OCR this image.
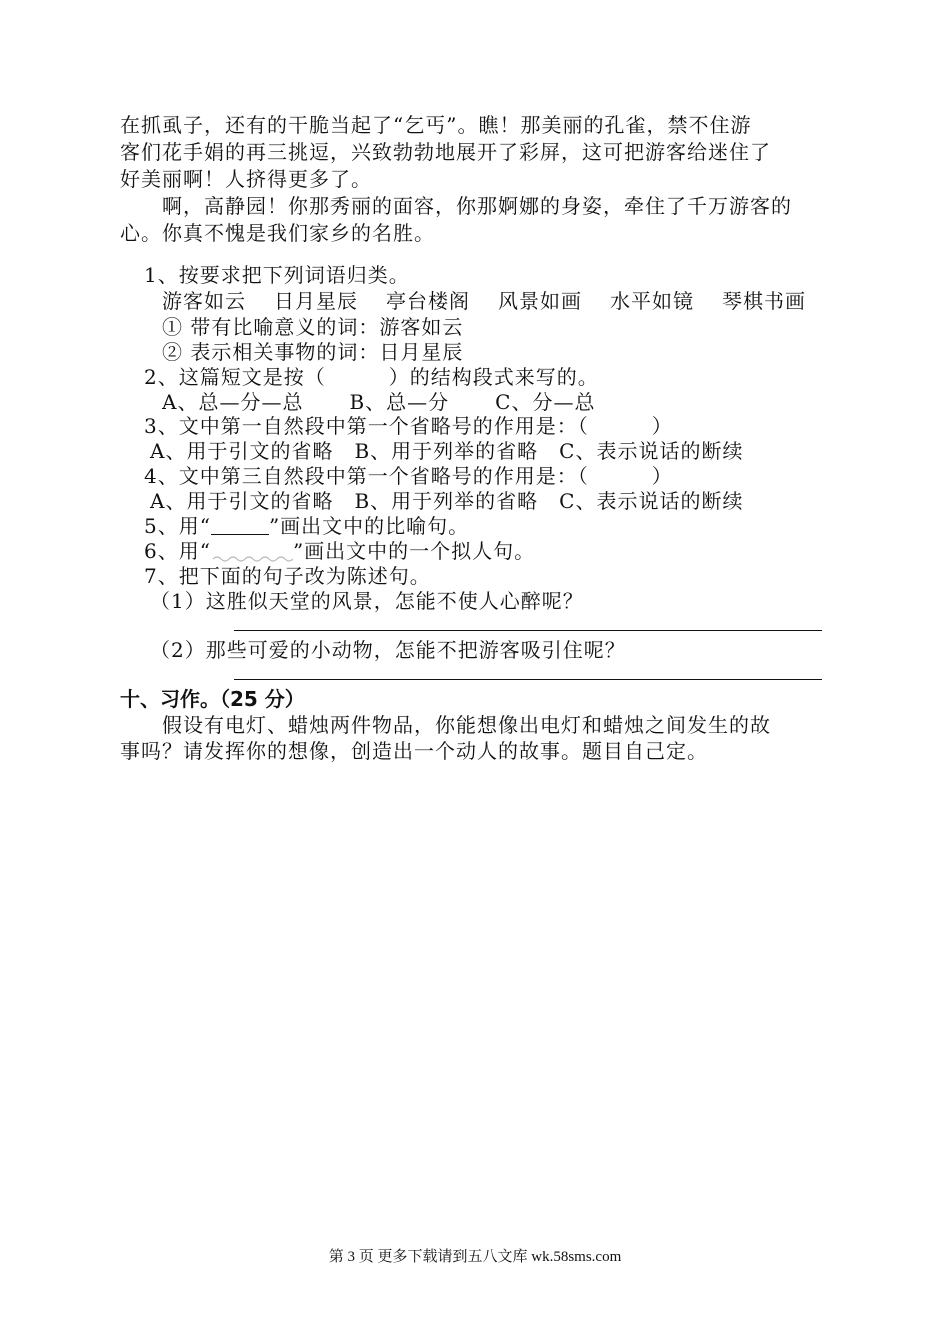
在抓虱子，还有的干脆当起了“乞丐”。瞧！那美丽的孔雀，禁不住游
客们花手娟的再三挑逗，兴致勃勃地展开了彩屏，这可把游客给迷住了
好美丽啊！人挤得更多了。
啊，高静园！你那秀丽的面容，你那婀娜的身姿，牵住了千万游客的
心。你真不愧是我们家乡的名胜。
1、按要求把下列词语归类。
游客如云 日月星辰 亭台楼阁 风景如画 水平如镜 琴棋书画
① 带有比喻意义的词：游客如云
② 表示相关事物的词：日月星辰
2、这篇短文是按（　　　）的结构段式来写的。
A、总—分—总 B、总—分 C、分—总
3、文中第一自然段中第一个省略号的作用是：（　　　）
A、用于引文的省略　B、用于列举的省略　C、表示说话的断续
4、文中第三自然段中第一个省略号的作用是：（　　　）
A、用于引文的省略　B、用于列举的省略　C、表示说话的断续
5、用“	”画出文中的比喻句。
6、用“	”画出文中的一个拟人句。
7、把下面的句子改为陈述句。
（1）这胜似天堂的风景，怎能不使人心醉呢？
（2）那些可爱的小动物，怎能不把游客吸引住呢？
十、习作。（25 分）
假设有电灯、蜡烛两件物品，你能想像出电灯和蜡烛之间发生的故
事吗？请发挥你的想像，创造出一个动人的故事。题目自己定。
第 3 页 更多下载请到五八文库 wk.58sms.com
